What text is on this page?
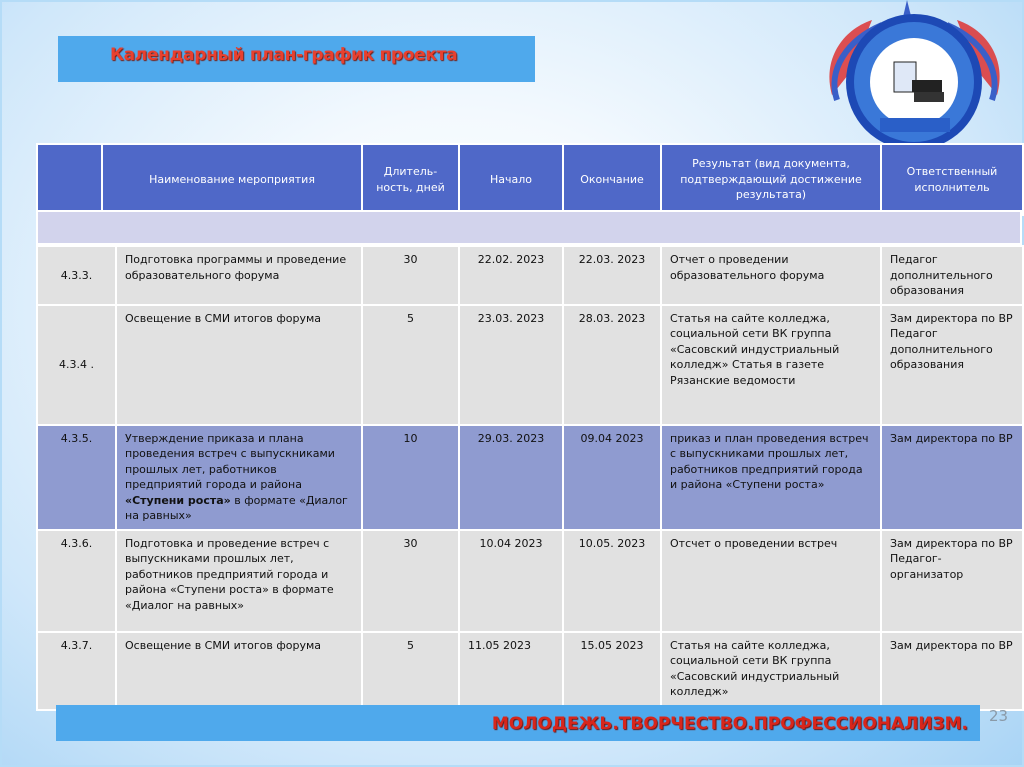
Календарный план-график проекта
	Наименование мероприятия	Длитель-ность, дней	Начало	Окончание	Результат (вид документа, подтверждающий достижение результата)	Ответственный исполнитель
4.3.3.	Подготовка программы и проведение образовательного форума	30	22.02. 2023	22.03. 2023	Отчет о проведении образовательного форума	Педагог дополнительного образования
4.3.4 .	Освещение в СМИ итогов форума	5	23.03. 2023	28.03. 2023	Статья на сайте колледжа, социальной сети ВК группа «Сасовский индустриальный колледж» Статья в газете Рязанские ведомости	Зам директора по ВР Педагог дополнительного образования
4.3.5.	Утверждение приказа и плана проведения встреч с выпускниками прошлых лет, работников предприятий города и района «Ступени роста» в формате «Диалог на равных»	10	29.03. 2023	09.04 2023	приказ и план проведения встреч с выпускниками прошлых лет, работников предприятий города и района «Ступени роста»	Зам директора по ВР
4.3.6.	Подготовка и проведение встреч с выпускниками прошлых лет, работников предприятий города и района «Ступени роста» в формате «Диалог на равных»	30	10.04 2023	10.05. 2023	Отсчет о проведении встреч	Зам директора по ВР Педагог-организатор
4.3.7.	Освещение в СМИ итогов форума	5	11.05 2023	15.05 2023	Статья на сайте колледжа, социальной сети ВК группа «Сасовский индустриальный колледж»	Зам директора по ВР
МОЛОДЕЖЬ.ТВОРЧЕСТВО.ПРОФЕССИОНАЛИЗМ. 23
